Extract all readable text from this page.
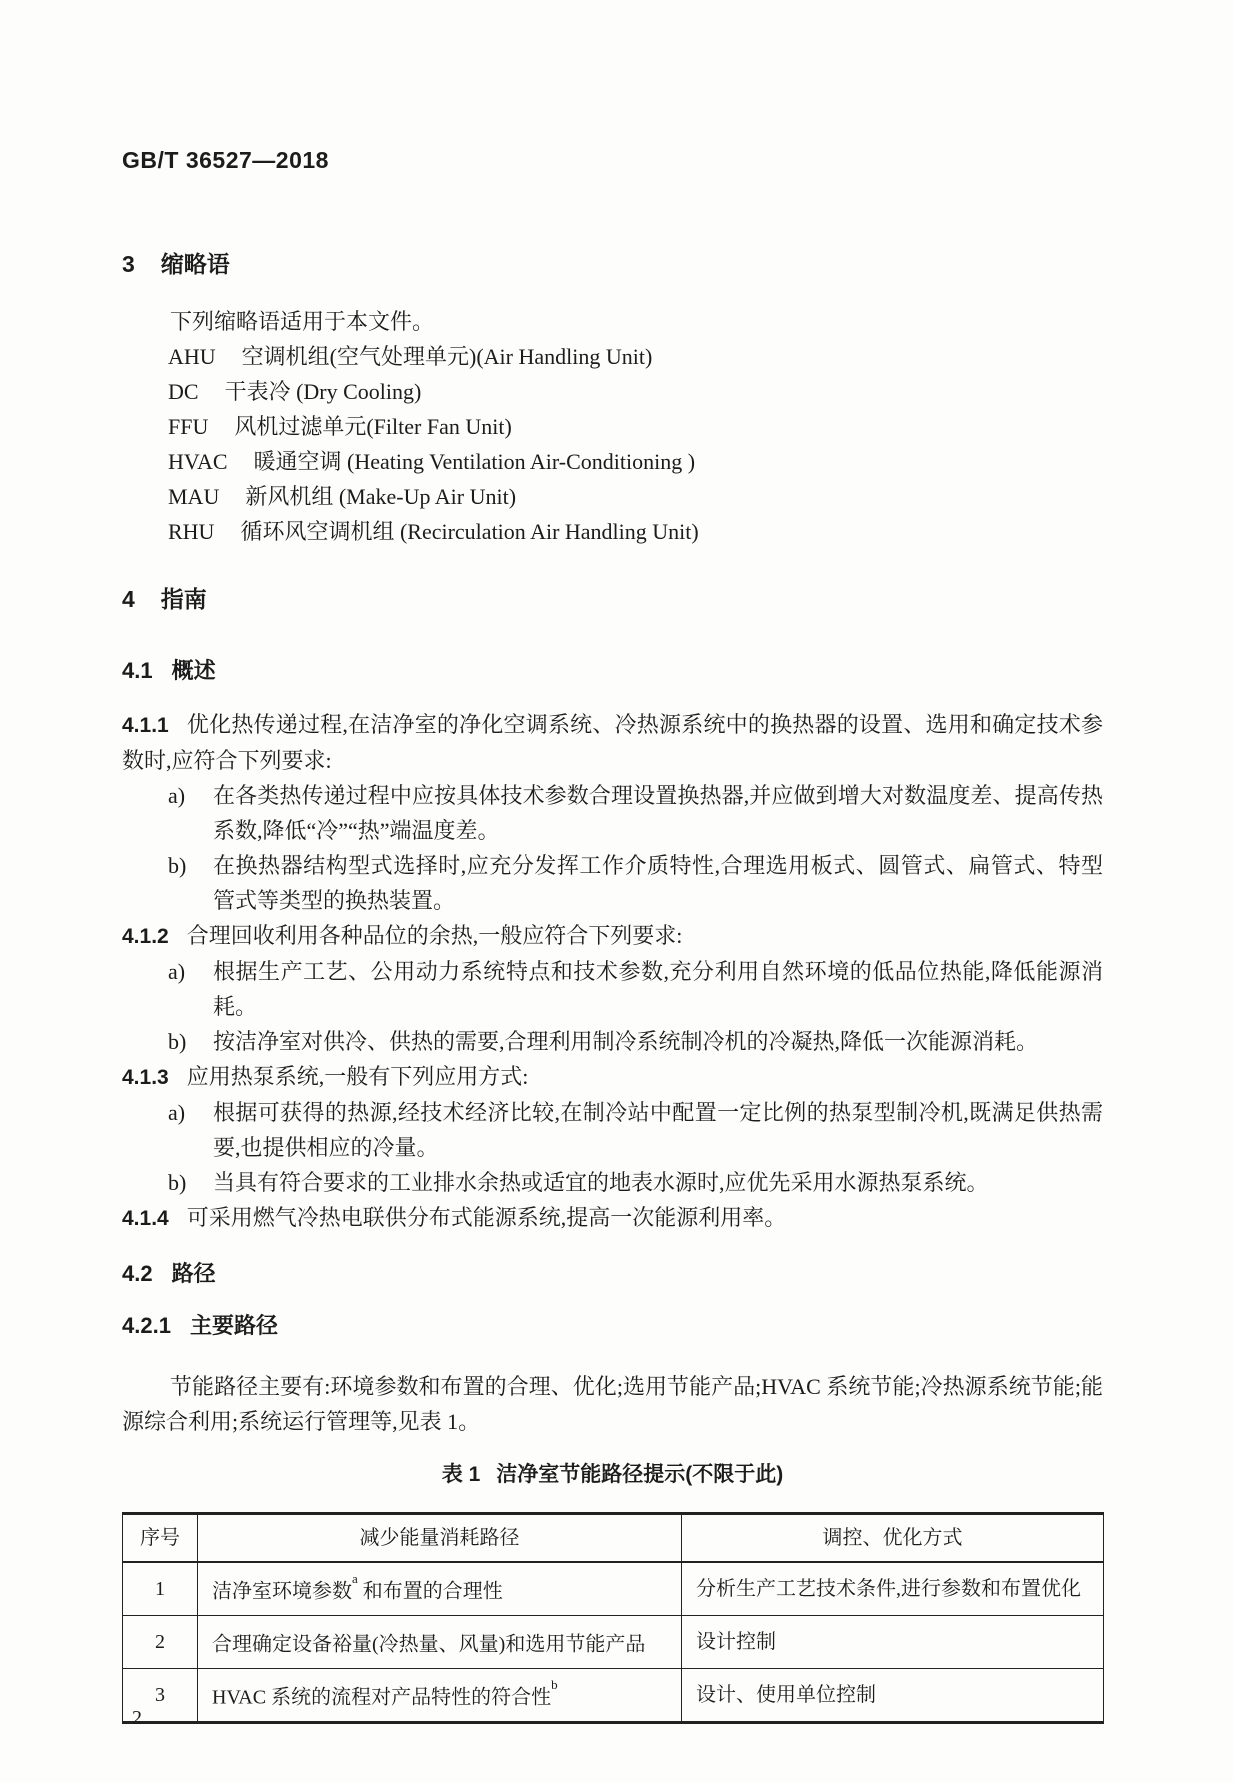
GB/T 36527—2018
3 缩略语

下列缩略语适用于本文件。

AHU 空调机组(空气处理单元)(Air Handling Unit)

DC 干表冷 (Dry Cooling)

FFU 风机过滤单元(Filter Fan Unit)

HVAC 暖通空调 (Heating Ventilation Air-Conditioning )

MAU 新风机组 (Make-Up Air Unit)

RHU 循环风空调机组 (Recirculation Air Handling Unit)

4 指南
4.1 概述

4.1.1 优化热传递过程,在洁净室的净化空调系统、冷热源系统中的换热器的设置、选用和确定技术参数时,应符合下列要求:

a) 在各类热传递过程中应按具体技术参数合理设置换热器,并应做到增大对数温度差、提高传热系数,降低“冷”“热”端温度差。

b) 在换热器结构型式选择时,应充分发挥工作介质特性,合理选用板式、圆管式、扁管式、特型管式等类型的换热装置。

4.1.2 合理回收利用各种品位的余热,一般应符合下列要求:

a) 根据生产工艺、公用动力系统特点和技术参数,充分利用自然环境的低品位热能,降低能源消耗。

b) 按洁净室对供冷、供热的需要,合理利用制冷系统制冷机的冷凝热,降低一次能源消耗。

4.1.3 应用热泵系统,一般有下列应用方式:

a) 根据可获得的热源,经技术经济比较,在制冷站中配置一定比例的热泵型制冷机,既满足供热需要,也提供相应的冷量。

b) 当具有符合要求的工业排水余热或适宜的地表水源时,应优先采用水源热泵系统。

4.1.4 可采用燃气冷热电联供分布式能源系统,提高一次能源利用率。

4.2 路径
4.2.1 主要路径

节能路径主要有:环境参数和布置的合理、优化;选用节能产品;HVAC 系统节能;冷热源系统节能;能源综合利用;系统运行管理等,见表 1。

表 1 洁净室节能路径提示(不限于此)

序号	减少能量消耗路径	调控、优化方式
1	洁净室环境参数$^a$ 和布置的合理性	分析生产工艺技术条件,进行参数和布置优化
2	合理确定设备裕量(冷热量、风量)和选用节能产品	设计控制
3	HVAC 系统的流程对产品特性的符合性$^b$	设计、使用单位控制
2
